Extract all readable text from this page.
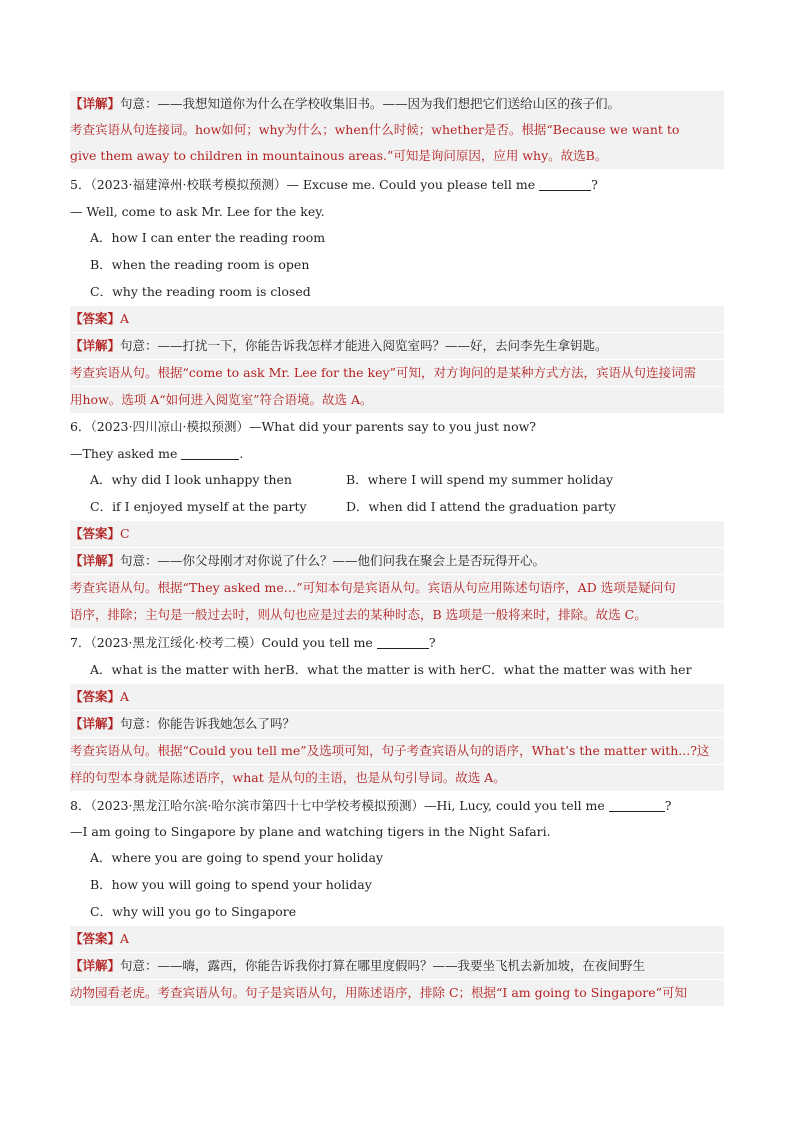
【详解】句意：——我想知道你为什么在学校收集旧书。——因为我们想把它们送给山区的孩子们。
考查宾语从句连接词。how如何；why为什么；when什么时候；whether是否。根据“Because we want to
give them away to children in mountainous areas.”可知是询问原因，应用 why。故选B。
5．（2023·福建漳州·校联考模拟预测）— Excuse me. Could you please tell me	?
— Well, come to ask Mr. Lee for the key.
A．how I can enter the reading room
B．when the reading room is open
C．why the reading room is closed
【答案】A
【详解】句意：——打扰一下，你能告诉我怎样才能进入阅览室吗？——好，去问李先生拿钥匙。
考查宾语从句。根据“come to ask Mr. Lee for the key”可知，对方询问的是某种方式方法，宾语从句连接词需
用how。选项 A“如何进入阅览室”符合语境。故选 A。
6．（2023·四川凉山·模拟预测）—What did your parents say to you just now?
—They asked me	.
A．why did I look unhappy then	B．where I will spend my summer holiday
C．if I enjoyed myself at the party	D．when did I attend the graduation party
【答案】C
【详解】句意：——你父母刚才对你说了什么？——他们问我在聚会上是否玩得开心。
考查宾语从句。根据“They asked me…”可知本句是宾语从句。宾语从句应用陈述句语序，AD 选项是疑问句
语序，排除；主句是一般过去时，则从句也应是过去的某种时态，B 选项是一般将来时，排除。故选 C。
7．（2023·黑龙江绥化·校考二模）Could you tell me	?
A．what is the matter with herB．what the matter is with herC．what the matter was with her
【答案】A
【详解】句意：你能告诉我她怎么了吗？
考查宾语从句。根据“Could you tell me”及选项可知，句子考查宾语从句的语序，What’s the matter with...?这
样的句型本身就是陈述语序，what 是从句的主语，也是从句引导词。故选 A。
8．（2023·黑龙江哈尔滨·哈尔滨市第四十七中学校考模拟预测）—Hi, Lucy, could you tell me	?
—I am going to Singapore by plane and watching tigers in the Night Safari.
A．where you are going to spend your holiday
B．how you will going to spend your holiday
C．why will you go to Singapore
【答案】A
【详解】句意：——嗨，露西，你能告诉我你打算在哪里度假吗？——我要坐飞机去新加坡，在夜间野生
动物园看老虎。考查宾语从句。句子是宾语从句，用陈述语序，排除 C；根据“I am going to Singapore”可知
